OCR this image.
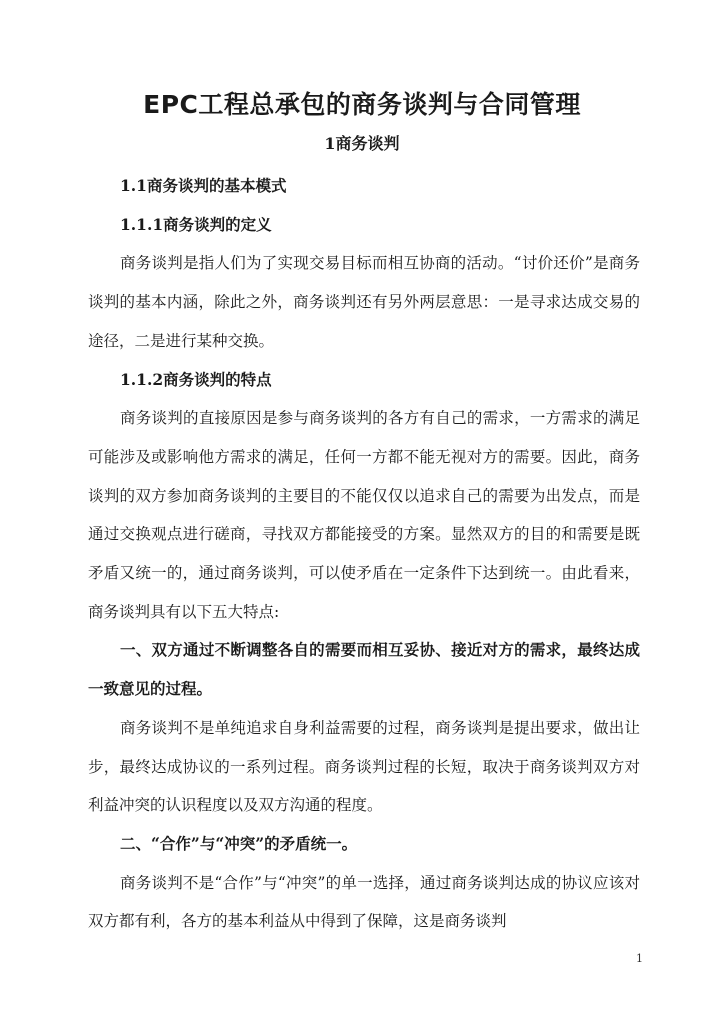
EPC工程总承包的商务谈判与合同管理
1商务谈判

1.1商务谈判的基本模式

1.1.1商务谈判的定义

商务谈判是指人们为了实现交易目标而相互协商的活动。“讨价还价”是商务谈判的基本内涵，除此之外，商务谈判还有另外两层意思：一是寻求达成交易的途径，二是进行某种交换。

1.1.2商务谈判的特点

商务谈判的直接原因是参与商务谈判的各方有自己的需求，一方需求的满足可能涉及或影响他方需求的满足，任何一方都不能无视对方的需要。因此，商务谈判的双方参加商务谈判的主要目的不能仅仅以追求自己的需要为出发点，而是通过交换观点进行磋商，寻找双方都能接受的方案。显然双方的目的和需要是既矛盾又统一的，通过商务谈判，可以使矛盾在一定条件下达到统一。由此看来，商务谈判具有以下五大特点:

一、双方通过不断调整各自的需要而相互妥协、接近对方的需求，最终达成一致意见的过程。

商务谈判不是单纯追求自身利益需要的过程，商务谈判是提出要求，做出让步，最终达成协议的一系列过程。商务谈判过程的长短，取决于商务谈判双方对利益冲突的认识程度以及双方沟通的程度。

二、“合作”与“冲突”的矛盾统一。

商务谈判不是“合作”与“冲突”的单一选择，通过商务谈判达成的协议应该对双方都有利，各方的基本利益从中得到了保障，这是商务谈判

1
